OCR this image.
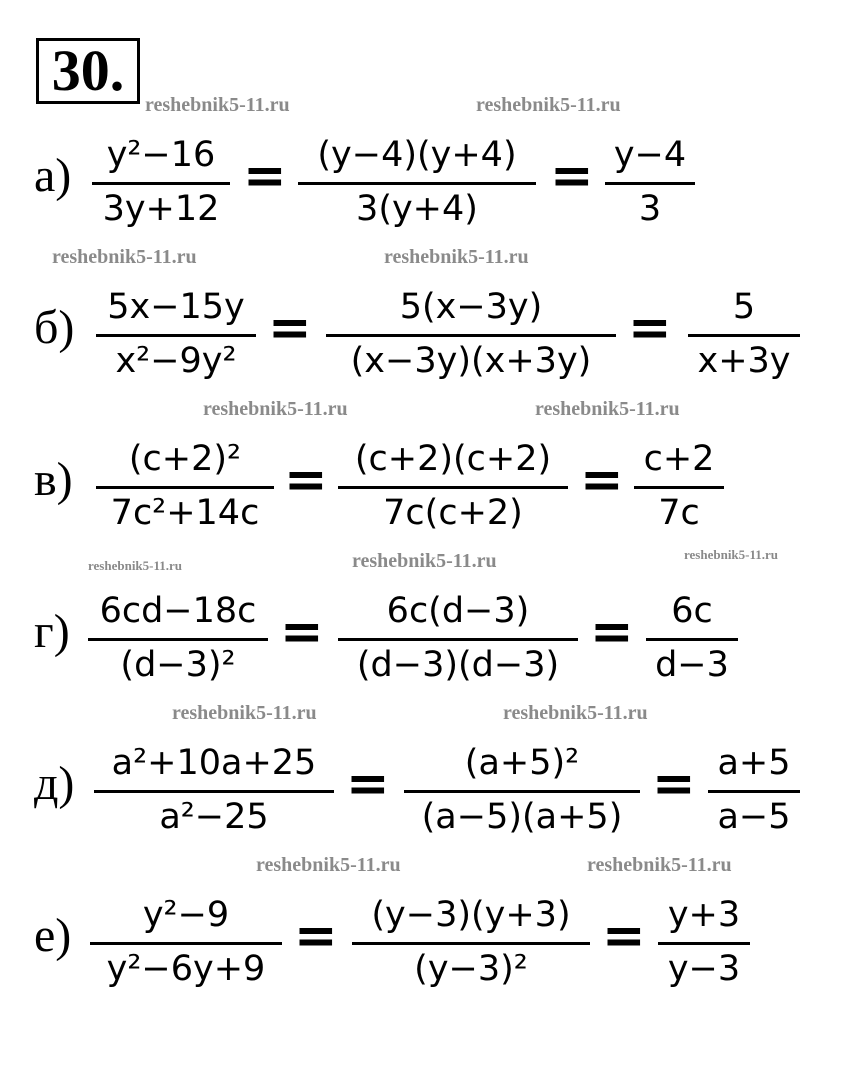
30.
reshebnik5-11.ru	reshebnik5-11.ru
reshebnik5-11.ru	reshebnik5-11.ru
reshebnik5-11.ru	reshebnik5-11.ru
reshebnik5-11.ru	reshebnik5-11.ru	reshebnik5-11.ru
reshebnik5-11.ru	reshebnik5-11.ru
reshebnik5-11.ru	reshebnik5-11.ru
а)	y²−16
3y+12
= (y−4)(y+4)
3(y+4)
= y−4
3
б) 5x−15y
x²−9y²
=	5(x−3y)
(x−3y)(x+3y)
=	5
x+3y
в)	(c+2)²
7c²+14c
= (c+2)(c+2)
7c(c+2)
= c+2
7c
г) 6cd−18c
(d−3)²
=	6c(d−3)
(d−3)(d−3)
=	6c
d−3
д)	a²+10a+25
a²−25
=	(a+5)²
(a−5)(a+5)
= a+5
a−5
е)	y²−9
y²−6y+9
= (y−3)(y+3)
(y−3)²
= y+3
y−3
